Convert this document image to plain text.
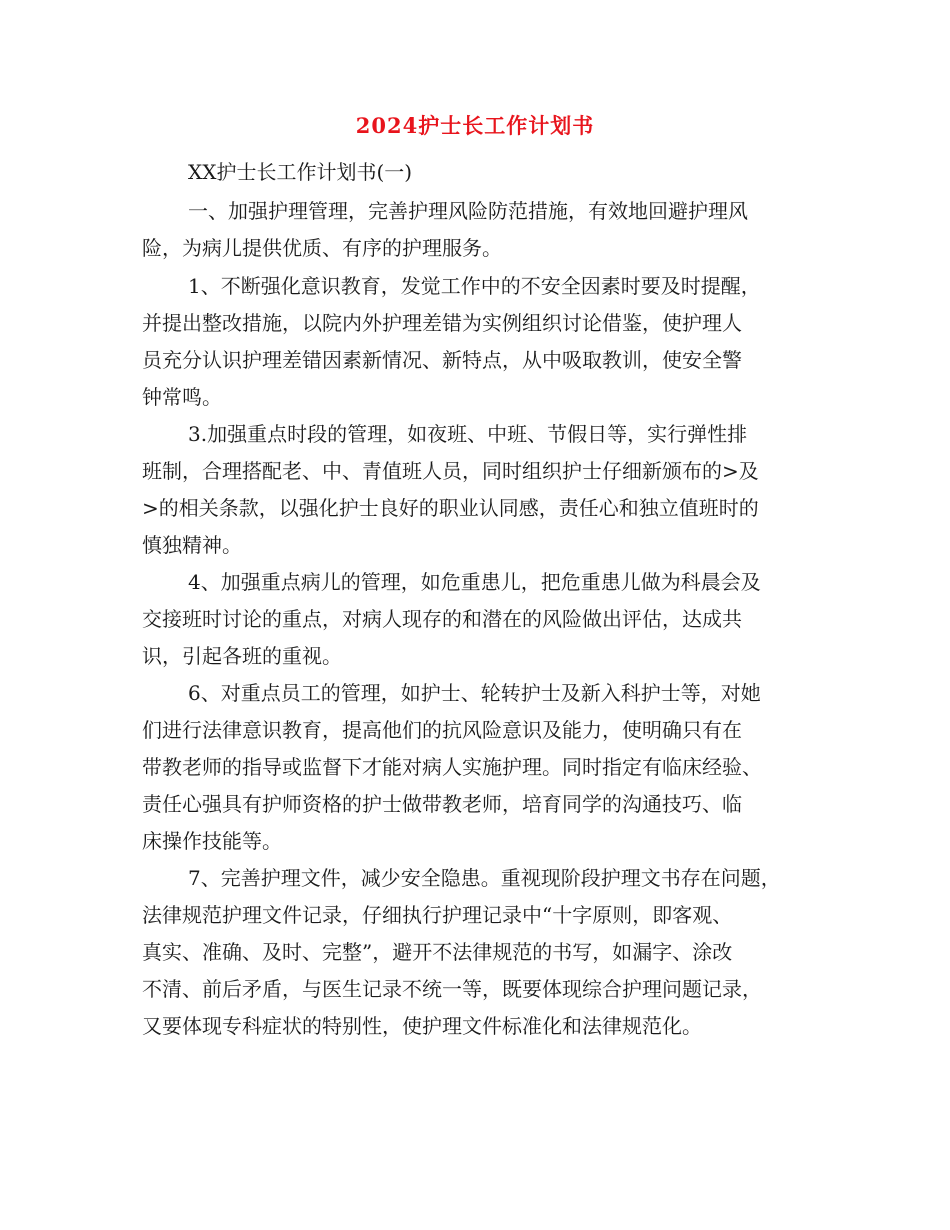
2024护士长工作计划书
XX护士长工作计划书(一)
一、加强护理管理，完善护理风险防范措施，有效地回避护理风
险，为病儿提供优质、有序的护理服务。
1、不断强化意识教育，发觉工作中的不安全因素时要及时提醒，
并提出整改措施，以院内外护理差错为实例组织讨论借鉴，使护理人
员充分认识护理差错因素新情况、新特点，从中吸取教训，使安全警
钟常鸣。
3.加强重点时段的管理，如夜班、中班、节假日等，实行弹性排
班制，合理搭配老、中、青值班人员，同时组织护士仔细新颁布的>及
>的相关条款，以强化护士良好的职业认同感，责任心和独立值班时的
慎独精神。
4、加强重点病儿的管理，如危重患儿，把危重患儿做为科晨会及
交接班时讨论的重点，对病人现存的和潜在的风险做出评估，达成共
识，引起各班的重视。
6、对重点员工的管理，如护士、轮转护士及新入科护士等，对她
们进行法律意识教育，提高他们的抗风险意识及能力，使明确只有在
带教老师的指导或监督下才能对病人实施护理。同时指定有临床经验、
责任心强具有护师资格的护士做带教老师，培育同学的沟通技巧、临
床操作技能等。
7、完善护理文件，减少安全隐患。重视现阶段护理文书存在问题，
法律规范护理文件记录，仔细执行护理记录中“十字原则，即客观、
真实、准确、及时、完整”，避开不法律规范的书写，如漏字、涂改
不清、前后矛盾，与医生记录不统一等，既要体现综合护理问题记录，
又要体现专科症状的特别性，使护理文件标准化和法律规范化。
